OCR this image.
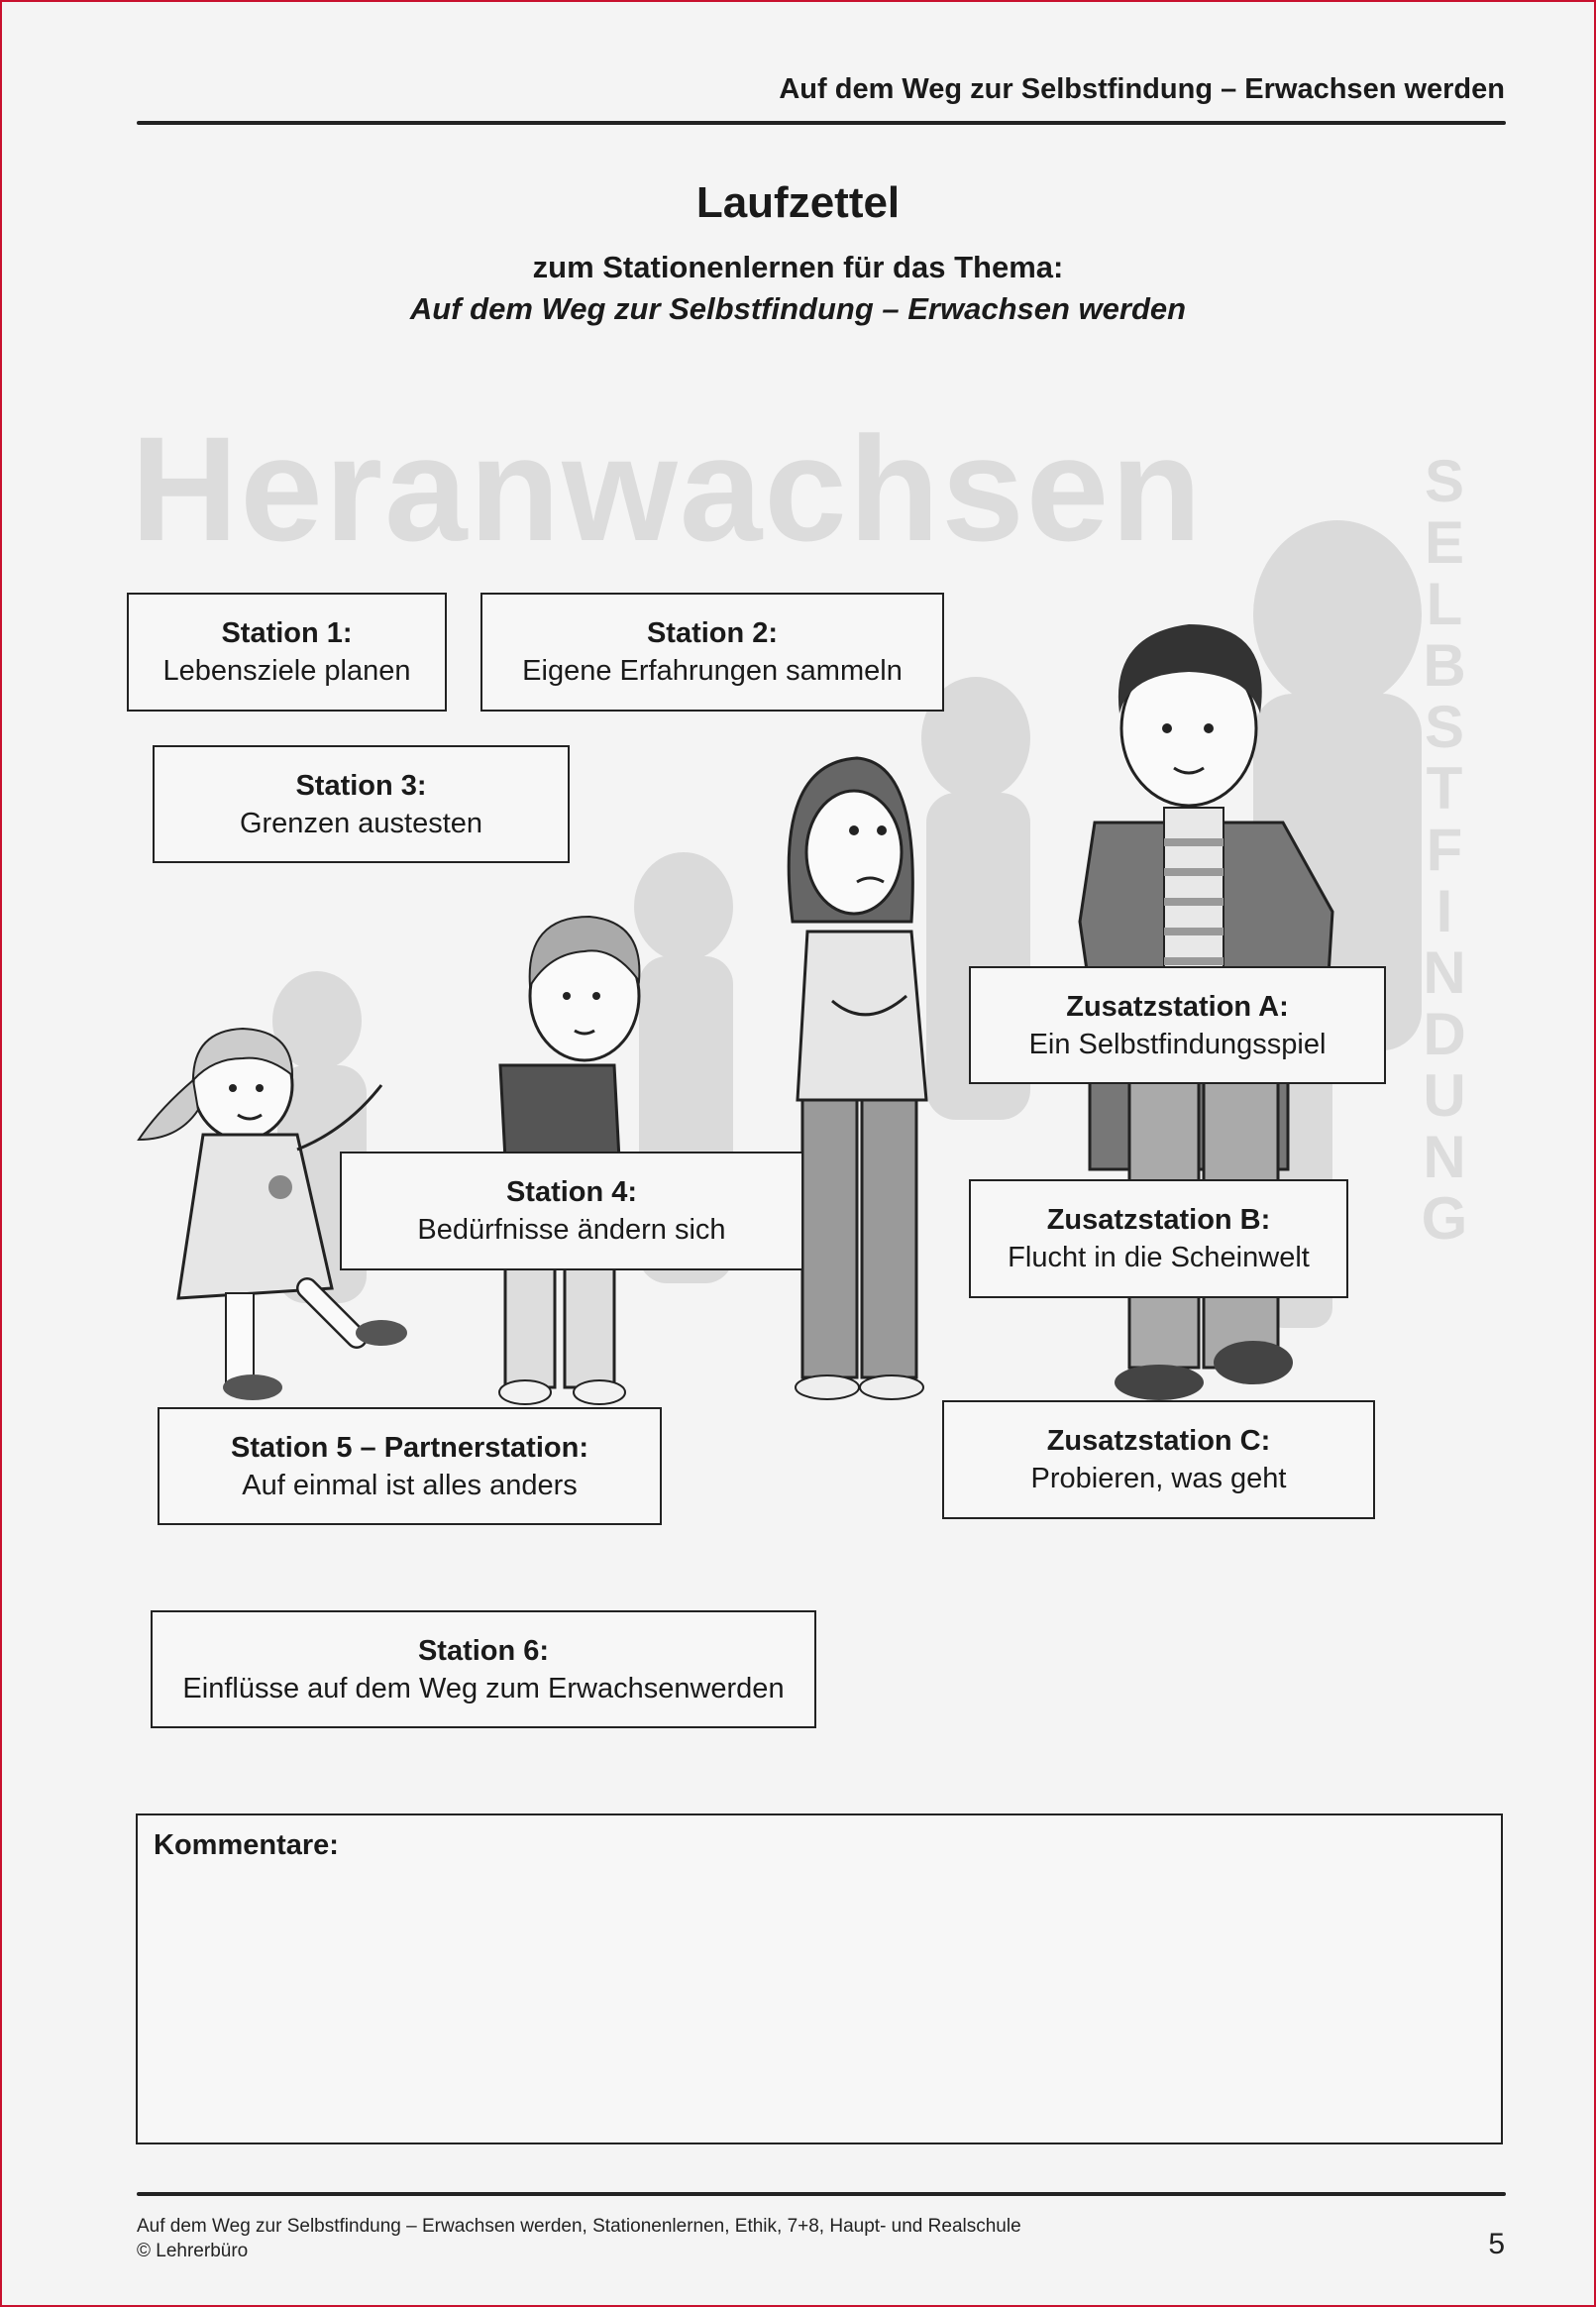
Auf dem Weg zur Selbstfindung – Erwachsen werden
Laufzettel
zum Stationenlernen für das Thema:
Auf dem Weg zur Selbstfindung – Erwachsen werden
Heranwachsen	S
E
L
B
S
T
F
I
N
D
U
N
G
Station 1:
Lebensziele planen
Station 2:
Eigene Erfahrungen sammeln
Station 3:
Grenzen austesten
Zusatzstation A:
Ein Selbstfindungsspiel
Station 4:
Bedürfnisse ändern sich	Zusatzstation B:
Flucht in die Scheinwelt
Station 5 – Partnerstation:
Auf einmal ist alles anders
Zusatzstation C:
Probieren, was geht
Station 6:
Einflüsse auf dem Weg zum Erwachsenwerden
Kommentare:
Auf dem Weg zur Selbstfindung – Erwachsen werden, Stationenlernen, Ethik, 7+8, Haupt- und Realschule
© Lehrerbüro	5
